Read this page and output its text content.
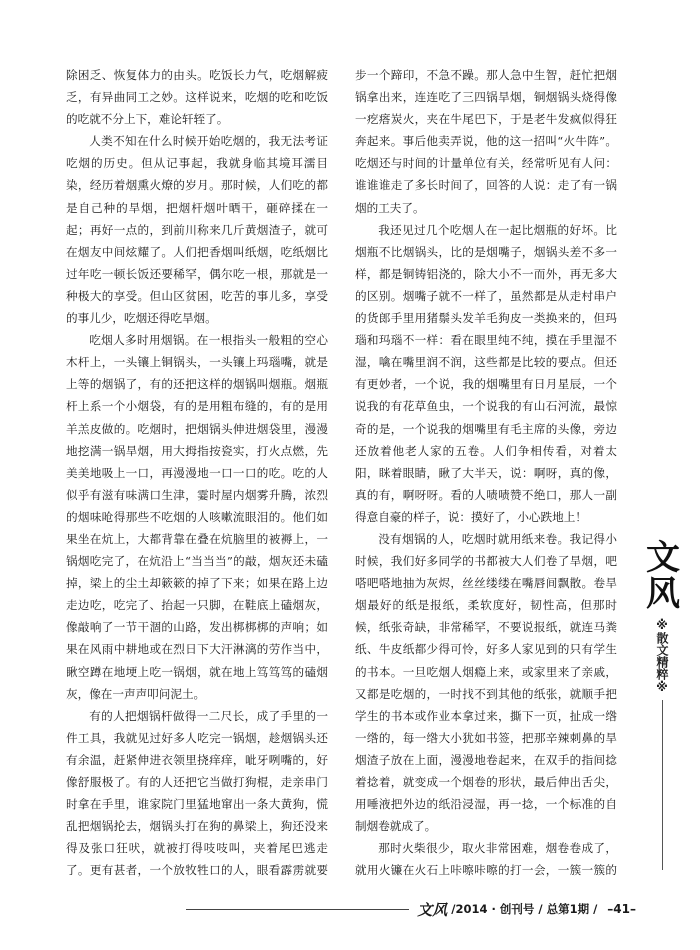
除困乏、恢复体力的由头。吃饭长力气，吃烟解疲乏，有异曲同工之妙。这样说来，吃烟的吃和吃饭的吃就不分上下，难论轩轾了。

人类不知在什么时候开始吃烟的，我无法考证吃烟的历史。但从记事起，我就身临其境耳濡目染，经历着烟熏火燎的岁月。那时候，人们吃的都是自己种的旱烟，把烟杆烟叶晒干，砸碎揉在一起；再好一点的，到前川称来几斤黄烟渣子，就可在烟友中间炫耀了。人们把香烟叫纸烟，吃纸烟比过年吃一顿长饭还要稀罕，偶尔吃一根，那就是一种极大的享受。但山区贫困，吃苦的事儿多，享受的事儿少，吃烟还得吃旱烟。

吃烟人多时用烟锅。在一根指头一般粗的空心木杆上，一头镶上铜锅头，一头镶上玛瑙嘴，就是上等的烟锅了，有的还把这样的烟锅叫烟瓶。烟瓶杆上系一个小烟袋，有的是用粗布缝的，有的是用羊羔皮做的。吃烟时，把烟锅头伸进烟袋里，漫漫地挖满一锅旱烟，用大拇指按瓷实，打火点燃，先美美地吸上一口，再漫漫地一口一口的吃。吃的人似乎有滋有味满口生津，霎时屋内烟雾升腾，浓烈的烟味呛得那些不吃烟的人咳嗽流眼泪的。他们如果坐在炕上，大都背靠在叠在炕脑里的被褥上，一锅烟吃完了，在炕沿上“当当当”的敲，烟灰还未磕掉，梁上的尘土却簌簌的掉了下来；如果在路上边走边吃，吃完了、抬起一只脚，在鞋底上磕烟灰，像敲响了一节干涸的山路，发出梆梆梆的声响；如果在风雨中耕地或在烈日下大汗淋漓的劳作当中，瞅空蹲在地埂上吃一锅烟，就在地上笃笃笃的磕烟灰，像在一声声叩问泥土。

有的人把烟锅杆做得一二尺长，成了手里的一件工具，我就见过好多人吃完一锅烟，趁烟锅头还有余温，赶紧伸进衣领里挠痒痒，呲牙咧嘴的，好像舒服极了。有的人还把它当做打狗棍，走亲串门时拿在手里，谁家院门里猛地窜出一条大黄狗，慌乱把烟锅抡去，烟锅头打在狗的鼻梁上，狗还没来得及张口狂吠，就被打得吱吱叫，夹着尾巴逃走了。更有甚者，一个放牧牲口的人，眼看霹雳就要

步一个蹄印，不急不躁。那人急中生智，赶忙把烟锅拿出来，连连吃了三四锅旱烟，铜烟锅头烧得像一疙瘩炭火，夹在牛尾巴下，于是老牛发疯似得狂奔起来。事后他卖弄说，他的这一招叫“火牛阵”。吃烟还与时间的计量单位有关，经常听见有人问：谁谁谁走了多长时间了，回答的人说：走了有一锅烟的工夫了。

我还见过几个吃烟人在一起比烟瓶的好坏。比烟瓶不比烟锅头，比的是烟嘴子，烟锅头差不多一样，都是铜铸铝浇的，除大小不一而外，再无多大的区别。烟嘴子就不一样了，虽然都是从走村串户的货郎手里用猪鬃头发羊毛狗皮一类换来的，但玛瑙和玛瑙不一样：看在眼里纯不纯，摸在手里湿不湿，噙在嘴里润不润，这些都是比较的要点。但还有更妙者，一个说，我的烟嘴里有日月星辰，一个说我的有花草鱼虫，一个说我的有山石河流，最惊奇的是，一个说我的烟嘴里有毛主席的头像，旁边还放着他老人家的五卷。人们争相传看，对着太阳，眯着眼睛，瞅了大半天，说：啊呀，真的像，真的有，啊呀呀。看的人啧啧赞不绝口，那人一副得意自豪的样子，说：摸好了，小心跌地上！

没有烟锅的人，吃烟时就用纸来卷。我记得小时候，我们好多同学的书都被大人们卷了旱烟，吧嗒吧嗒地抽为灰烬，丝丝缕缕在嘴唇间飘散。卷旱烟最好的纸是报纸，柔软度好，韧性高，但那时候，纸张奇缺，非常稀罕，不要说报纸，就连马粪纸、牛皮纸都少得可怜，好多人家见到的只有学生的书本。一旦吃烟人烟瘾上来，或家里来了亲戚，又都是吃烟的，一时找不到其他的纸张，就顺手把学生的书本或作业本拿过来，撕下一页，扯成一绺一绺的，每一绺大小犹如书签，把那辛辣刺鼻的旱烟渣子放在上面，漫漫地卷起来，在双手的指间捻着捻着，就变成一个烟卷的形状，最后伸出舌尖，用唾液把外边的纸沿浸湿，再一捻，一个标准的自制烟卷就成了。

那时火柴很少，取火非常困难，烟卷卷成了，就用火镰在火石上咔嚓咔嚓的打一会，一簇一簇的

文风
※散文精粹※
文风 /2014 · 创刊号 / 总第1期 / –41–
